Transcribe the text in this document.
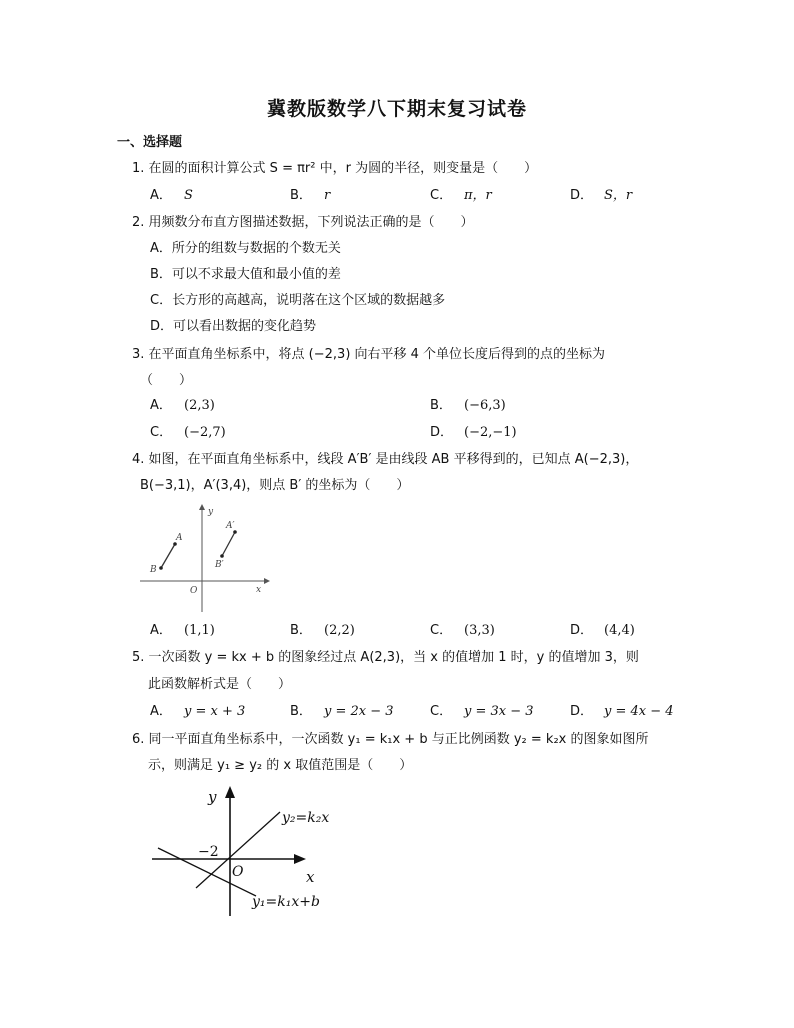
冀教版数学八下期末复习试卷
一、选择题
1. 在圆的面积计算公式 S = πr² 中，r 为圆的半径，则变量是（　　）
A． S	B． r	C． π，r	D． S，r
2. 用频数分布直方图描述数据，下列说法正确的是（　　）
A．所分的组数与数据的个数无关
B．可以不求最大值和最小值的差
C．长方形的高越高，说明落在这个区域的数据越多
D．可以看出数据的变化趋势
3. 在平面直角坐标系中，将点 (−2,3) 向右平移 4 个单位长度后得到的点的坐标为
（　　）
A． (2,3)	B． (−6,3)
C． (−2,7)	D． (−2,−1)
4. 如图，在平面直角坐标系中，线段 A′B′ 是由线段 AB 平移得到的，已知点 A(−2,3)，
B(−3,1)，A′(3,4)，则点 B′ 的坐标为（　　）
y
x
O
A
B
A′
B′
A． (1,1)	B． (2,2)	C． (3,3)	D． (4,4)
5. 一次函数 y = kx + b 的图象经过点 A(2,3)，当 x 的值增加 1 时，y 的值增加 3，则
此函数解析式是（　　）
A． y = x + 3	B． y = 2x − 3	C． y = 3x − 3	D． y = 4x − 4
6. 同一平面直角坐标系中，一次函数 y₁ = k₁x + b 与正比例函数 y₂ = k₂x 的图象如图所
示，则满足 y₁ ≥ y₂ 的 x 取值范围是（　　）
y
x
O
−2
y₂=k₂x
y₁=k₁x+b
